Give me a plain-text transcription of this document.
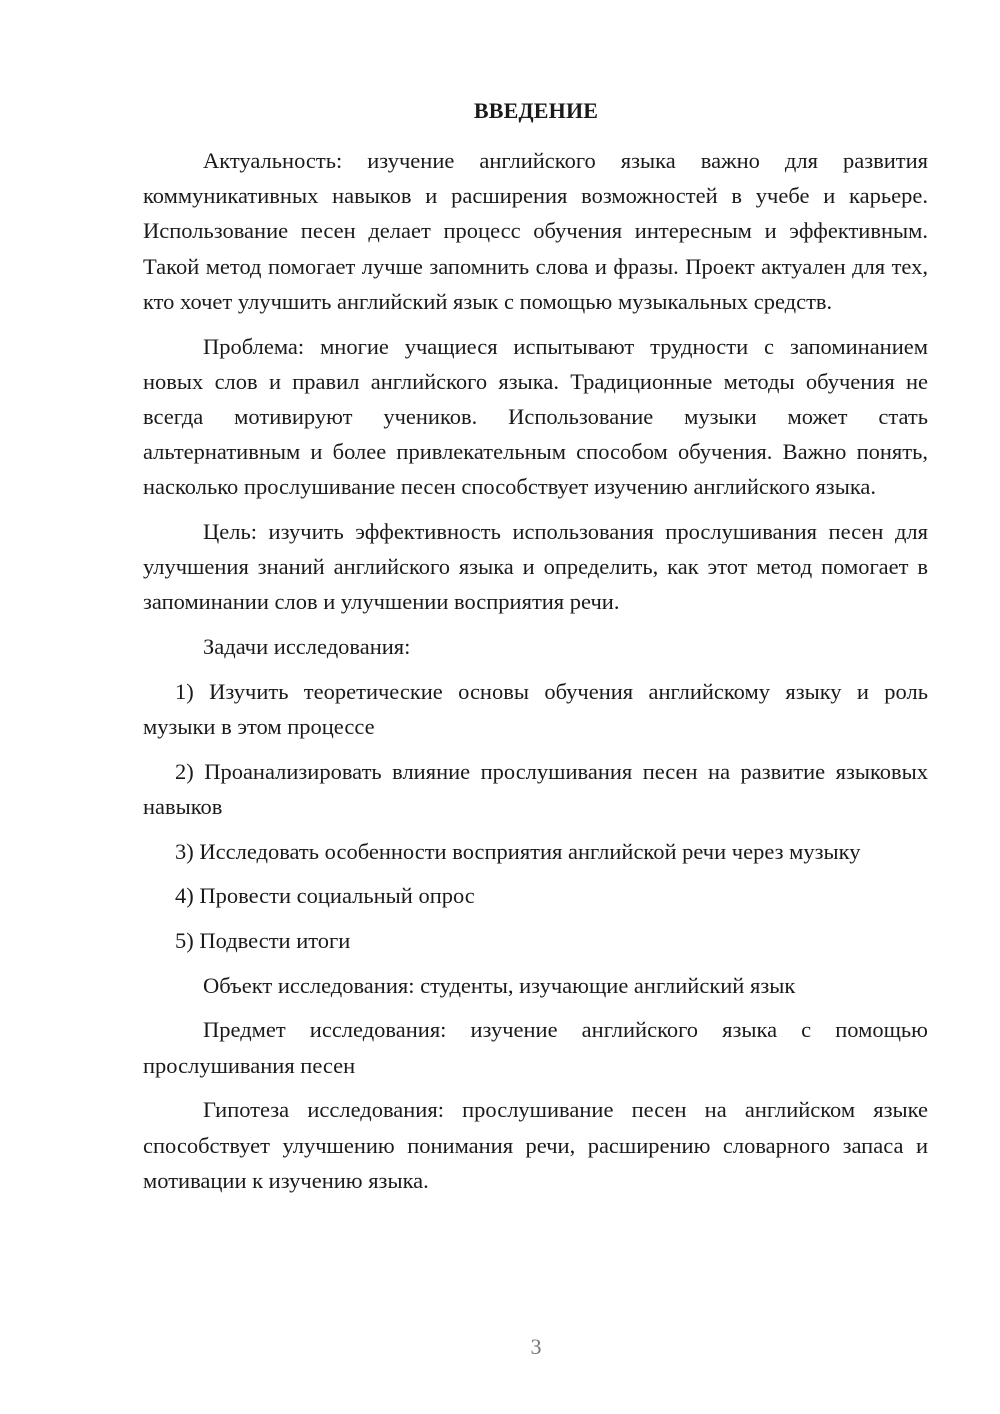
ВВЕДЕНИЕ

Актуальность: изучение английского языка важно для развития коммуникативных навыков и расширения возможностей в учебе и карьере. Использование песен делает процесс обучения интересным и эффективным. Такой метод помогает лучше запомнить слова и фразы. Проект актуален для тех, кто хочет улучшить английский язык с помощью музыкальных средств.

Проблема: многие учащиеся испытывают трудности с запоминанием новых слов и правил английского языка. Традиционные методы обучения не всегда мотивируют учеников. Использование музыки может стать альтернативным и более привлекательным способом обучения. Важно понять, насколько прослушивание песен способствует изучению английского языка.

Цель: изучить эффективность использования прослушивания песен для улучшения знаний английского языка и определить, как этот метод помогает в запоминании слов и улучшении восприятия речи.

Задачи исследования:

1) Изучить теоретические основы обучения английскому языку и роль музыки в этом процессе

2) Проанализировать влияние прослушивания песен на развитие языковых навыков

3) Исследовать особенности восприятия английской речи через музыку

4) Провести социальный опрос

5) Подвести итоги

Объект исследования: студенты, изучающие английский язык

Предмет исследования: изучение английского языка с помощью прослушивания песен

Гипотеза исследования: прослушивание песен на английском языке способствует улучшению понимания речи, расширению словарного запаса и мотивации к изучению языка.

3
